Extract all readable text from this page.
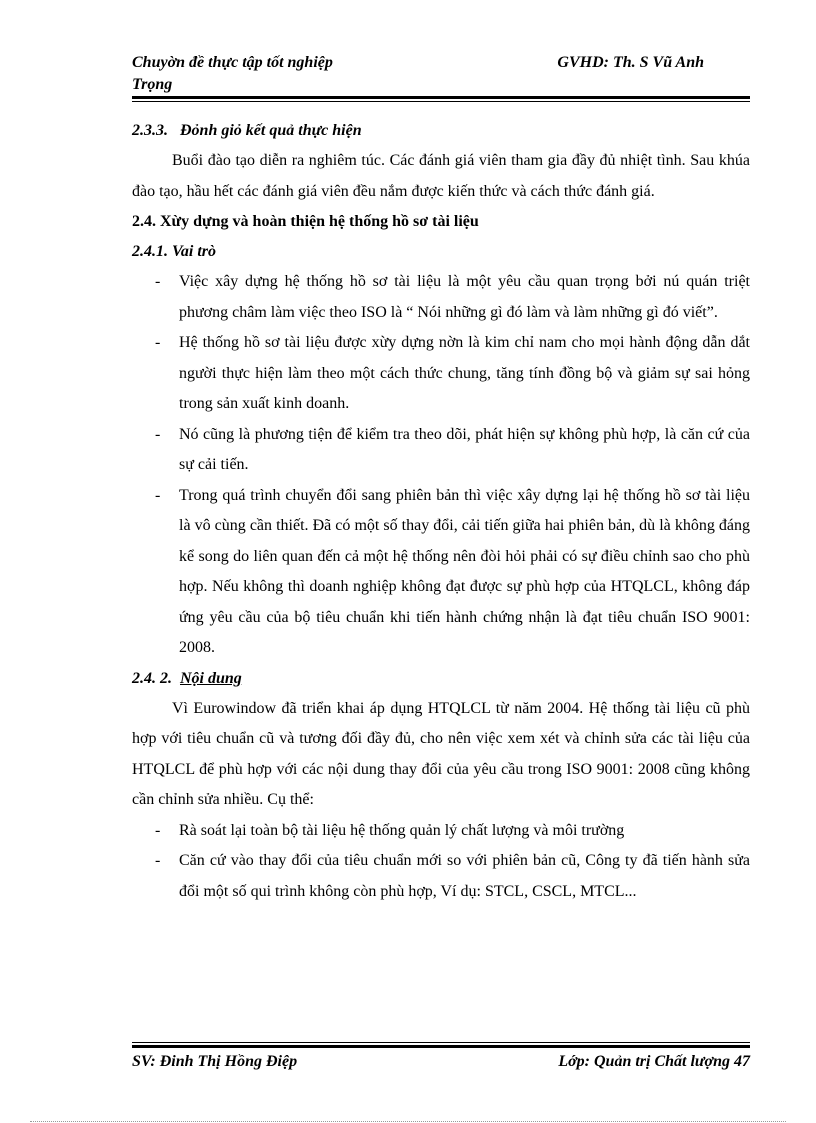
Chuyờn đề thực tập tốt nghiệp Trọng
GVHD: Th. S Vũ Anh

2.3.3. Đỏnh giỏ kết quả thực hiện

Buổi đào tạo diễn ra nghiêm túc. Các đánh giá viên tham gia đầy đủ nhiệt tình. Sau khúa đào tạo, hầu hết các đánh giá viên đều nắm được kiến thức và cách thức đánh giá.

2.4. Xừy dựng và hoàn thiện hệ thống hồ sơ tài liệu

2.4.1. Vai trò

- Việc xây dựng hệ thống hồ sơ tài liệu là một yêu cầu quan trọng bởi nú quán triệt phương châm làm việc theo ISO là “ Nói những gì đó làm và làm những gì đó viết”.

- Hệ thống hồ sơ tài liệu được xừy dựng nờn là kim chỉ nam cho mọi hành động dẫn dắt người thực hiện làm theo một cách thức chung, tăng tính đồng bộ và giảm sự sai hỏng trong sản xuất kinh doanh.

- Nó cũng là phương tiện để kiểm tra theo dõi, phát hiện sự không phù hợp, là căn cứ của sự cải tiến.

- Trong quá trình chuyển đổi sang phiên bản thì việc xây dựng lại hệ thống hồ sơ tài liệu là vô cùng cần thiết. Đã có một số thay đổi, cải tiến giữa hai phiên bản, dù là không đáng kể song do liên quan đến cả một hệ thống nên đòi hỏi phải có sự điều chỉnh sao cho phù hợp. Nếu không thì doanh nghiệp không đạt được sự phù hợp của HTQLCL, không đáp ứng yêu cầu của bộ tiêu chuẩn khi tiến hành chứng nhận là đạt tiêu chuẩn ISO 9001: 2008.

2.4. 2. Nội dung

Vì Eurowindow đã triển khai áp dụng HTQLCL từ năm 2004. Hệ thống tài liệu cũ phù hợp với tiêu chuẩn cũ và tương đối đầy đủ, cho nên việc xem xét và chỉnh sửa các tài liệu của HTQLCL để phù hợp với các nội dung thay đổi của yêu cầu trong ISO 9001: 2008 cũng không cần chỉnh sửa nhiều. Cụ thể:

- Rà soát lại toàn bộ tài liệu hệ thống quản lý chất lượng và môi trường

- Căn cứ vào thay đổi của tiêu chuẩn mới so với phiên bản cũ, Công ty đã tiến hành sửa đổi một số qui trình không còn phù hợp, Ví dụ: STCL, CSCL, MTCL...

SV: Đinh Thị Hồng Điệp	Lớp: Quản trị Chất lượng 47
